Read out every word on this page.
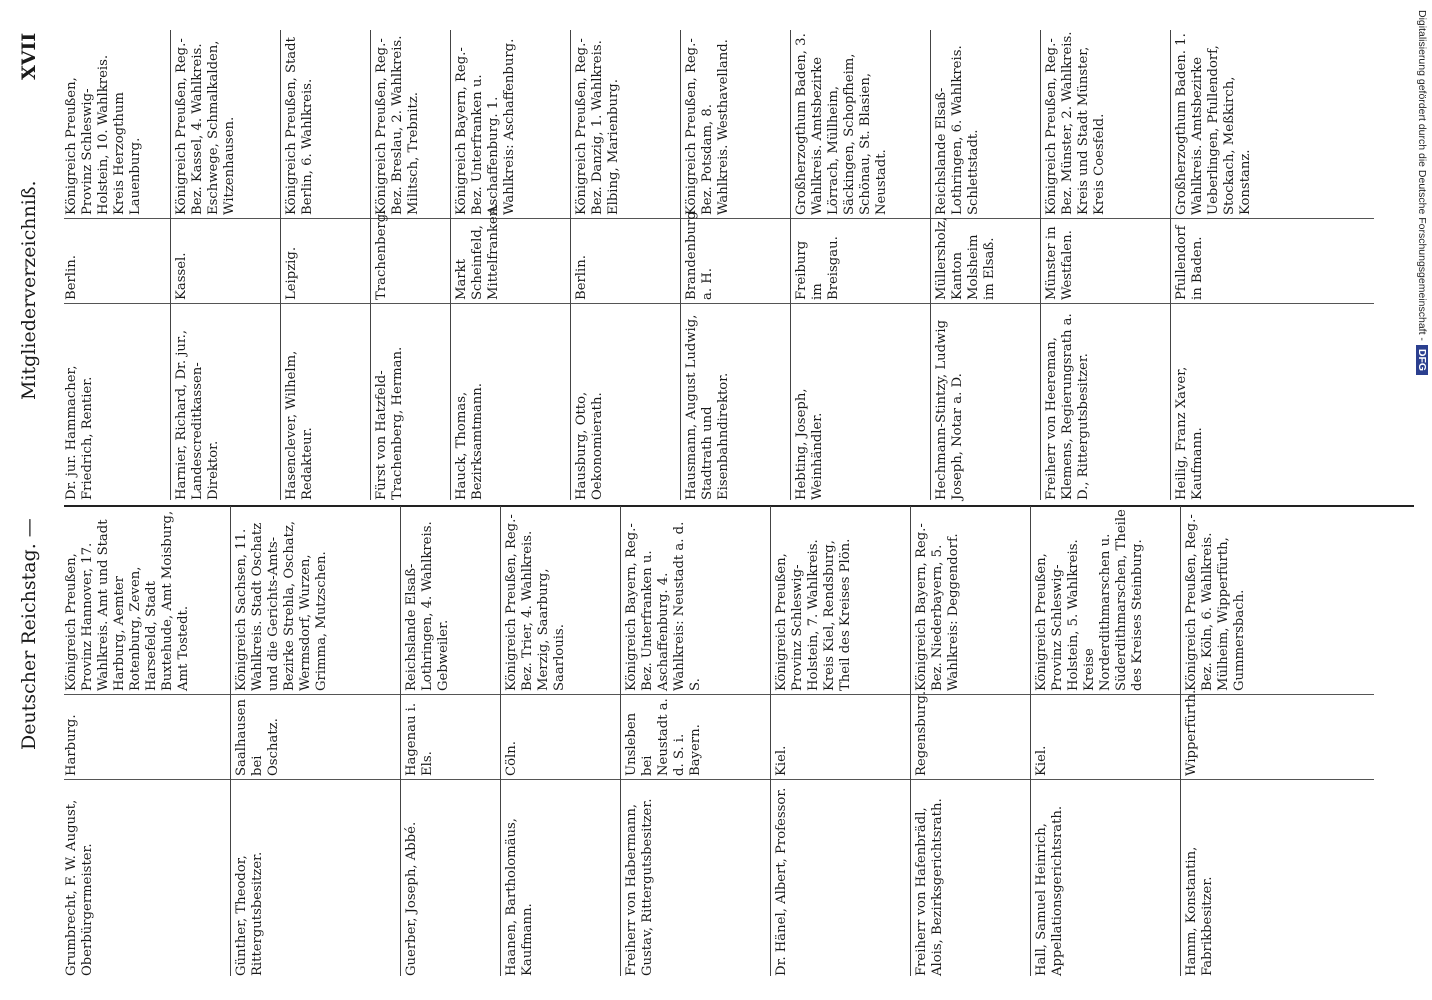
Deutscher Reichstag. —
Mitgliederverzeichniß.
XVII
Grumbrecht, F. W. August, Oberbürgermeister.
Harburg.
Königreich Preußen, Provinz Hannover, 17. Wahlkreis. Amt und Stadt Harburg, Aemter Rotenburg, Zeven, Harsefeld, Stadt Buxtehude, Amt Moisburg, Amt Tostedt.
Günther, Theodor, Rittergutsbesitzer.
Saalhausen bei Oschatz.
Königreich Sachsen, 11. Wahlkreis. Stadt Oschatz und die Gerichts-Amts-Bezirke Strehla, Oschatz, Wermsdorf, Wurzen, Grimma, Mutzschen.
Guerber, Joseph, Abbé.
Hagenau i. Els.
Reichslande Elsaß-Lothringen, 4. Wahlkreis. Gebweiler.
Haanen, Bartholomäus, Kaufmann.
Cöln.
Königreich Preußen, Reg.-Bez. Trier, 4. Wahlkreis. Merzig, Saarburg, Saarlouis.
Freiherr von Habermann, Gustav, Rittergutsbesitzer.
Unsleben bei Neustadt a. d. S. i. Bayern.
Königreich Bayern, Reg.-Bez. Unterfranken u. Aschaffenburg. 4. Wahlkreis: Neustadt a. d. S.
Dr. Hänel, Albert, Professor.
Kiel.
Königreich Preußen, Provinz Schleswig-Holstein, 7. Wahlkreis. Kreis Kiel, Rendsburg, Theil des Kreises Plön.
Freiherr von Hafenbrädl, Alois, Bezirksgerichtsrath.
Regensburg.
Königreich Bayern, Reg.-Bez. Niederbayern, 5. Wahlkreis: Deggendorf.
Hall, Samuel Heinrich, Appellationsgerichtsrath.
Kiel.
Königreich Preußen, Provinz Schleswig-Holstein, 5. Wahlkreis. Kreise Norderdithmarschen u. Süderdithmarschen, Theile des Kreises Steinburg.
Hamm, Konstantin, Fabrikbesitzer.
Wipperfürth.
Königreich Preußen, Reg.-Bez. Köln, 6. Wahlkreis. Mülheim, Wipperfürth, Gummersbach.
Dr. jur. Hammacher, Friedrich, Rentier.
Berlin.
Königreich Preußen, Provinz Schleswig-Holstein, 10. Wahlkreis. Kreis Herzogthum Lauenburg.
Harnier, Richard, Dr. jur., Landescreditkassen-Direktor.
Kassel.
Königreich Preußen, Reg.-Bez. Kassel, 4. Wahlkreis. Eschwege, Schmalkalden, Witzenhausen.
Hasenclever, Wilhelm, Redakteur.
Leipzig.
Königreich Preußen, Stadt Berlin, 6. Wahlkreis.
Fürst von Hatzfeld-Trachenberg, Herman.
Trachenberg.
Königreich Preußen, Reg.-Bez. Breslau, 2. Wahlkreis. Militsch, Trebnitz.
Hauck, Thomas, Bezirksamtmann.
Markt Scheinfeld, Mittelfranken.
Königreich Bayern, Reg.-Bez. Unterfranken u. Aschaffenburg. 1. Wahlkreis: Aschaffenburg.
Hausburg, Otto, Oekonomierath.
Berlin.
Königreich Preußen, Reg.-Bez. Danzig, 1. Wahlkreis. Elbing, Marienburg.
Hausmann, August Ludwig, Stadtrath und Eisenbahndirektor.
Brandenburg a. H.
Königreich Preußen, Reg.-Bez. Potsdam, 8. Wahlkreis. Westhavelland.
Hebting, Joseph, Weinhändler.
Freiburg im Breisgau.
Großherzogthum Baden, 3. Wahlkreis. Amtsbezirke Lörrach, Müllheim, Säckingen, Schopfheim, Schönau, St. Blasien, Neustadt.
Hechmann-Stintzy, Ludwig Joseph, Notar a. D.
Müllersholz, Kanton Molsheim im Elsaß.
Reichslande Elsaß-Lothringen, 6. Wahlkreis. Schlettstadt.
Freiherr von Heereman, Klemens, Regierungsrath a. D., Rittergutsbesitzer.
Münster in Westfalen.
Königreich Preußen, Reg.-Bez. Münster, 2. Wahlkreis. Kreis und Stadt Münster, Kreis Coesfeld.
Heilig, Franz Xaver, Kaufmann.
Pfullendorf in Baden.
Großherzogthum Baden. 1. Wahlkreis. Amtsbezirke Ueberlingen, Pfullendorf, Stockach, Meßkirch, Konstanz.	Digitalisierung gefördert durch die Deutsche Forschungsgemeinschaft -DFG
